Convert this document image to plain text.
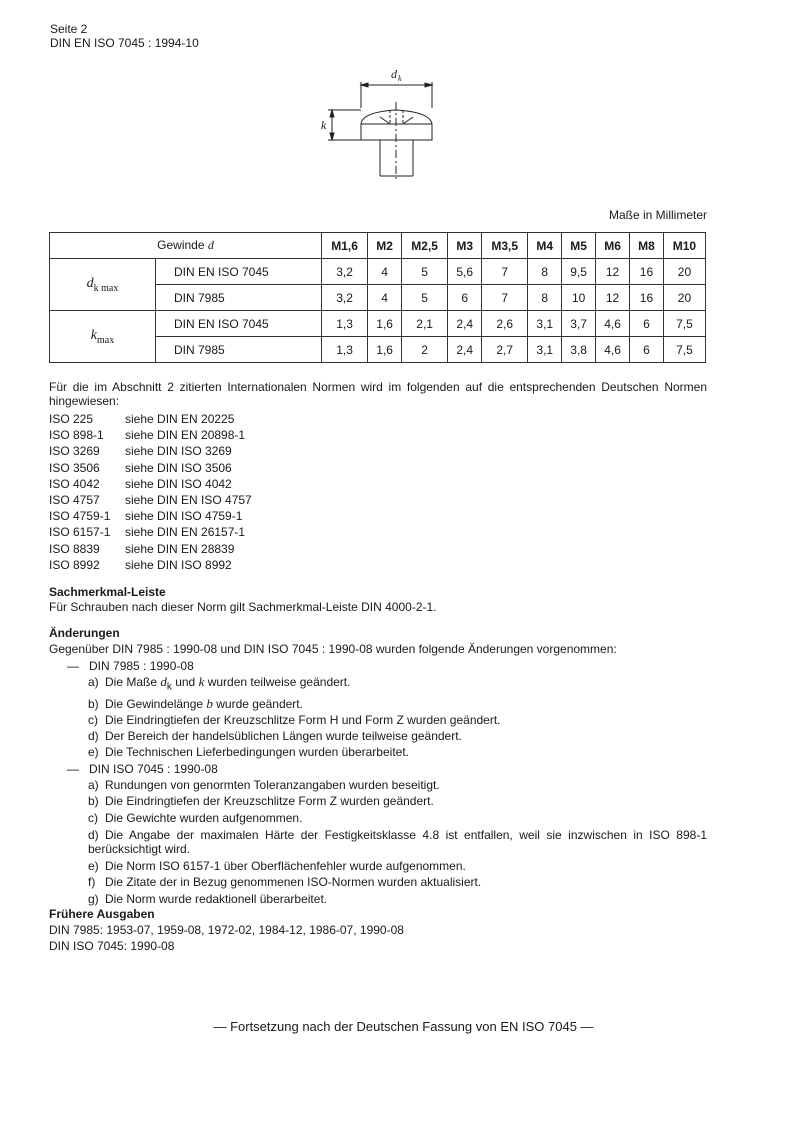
Seite 2
DIN EN ISO 7045 : 1994-10
d k
k
Maße in Millimeter
Gewinde d		M1,6	M2	M2,5	M3	M3,5	M4	M5	M6	M8	M10
$d_{k max}$	DIN EN ISO 7045	3,2	4	5	5,6	7	8	9,5	12	16	20
	DIN 7985	3,2	4	5	6	7	8	10	12	16	20
$k_{max}$	DIN EN ISO 7045	1,3	1,6	2,1	2,4	2,6	3,1	3,7	4,6	6	7,5
	DIN 7985	1,3	1,6	2	2,4	2,7	3,1	3,8	4,6	6	7,5
Für die im Abschnitt 2 zitierten Internationalen Normen wird im folgenden auf die entsprechenden Deutschen Normen hingewiesen:
ISO 225	siehe DIN EN 20225
ISO 898-1 siehe DIN EN 20898-1
ISO 3269 siehe DIN ISO 3269
ISO 3506 siehe DIN ISO 3506
ISO 4042 siehe DIN ISO 4042
ISO 4757 siehe DIN EN ISO 4757
ISO 4759-1 siehe DIN ISO 4759-1
ISO 6157-1 siehe DIN EN 26157-1
ISO 8839 siehe DIN EN 28839
ISO 8992 siehe DIN ISO 8992
Sachmerkmal-Leiste
Für Schrauben nach dieser Norm gilt Sachmerkmal-Leiste DIN 4000-2-1.
Änderungen
Gegenüber DIN 7985 : 1990-08 und DIN ISO 7045 : 1990-08 wurden folgende Änderungen vorgenommen:
—   DIN 7985 : 1990-08
a) Die Maße $d_k$ und k wurden teilweise geändert.
b) Die Gewindelänge b wurde geändert.
c) Die Eindringtiefen der Kreuzschlitze Form H und Form Z wurden geändert.
d) Der Bereich der handelsüblichen Längen wurde teilweise geändert.
e) Die Technischen Lieferbedingungen wurden überarbeitet.
—   DIN ISO 7045 : 1990-08
a) Rundungen von genormten Toleranzangaben wurden beseitigt.
b) Die Eindringtiefen der Kreuzschlitze Form Z wurden geändert.
c) Die Gewichte wurden aufgenommen.
d) Die Angabe der maximalen Härte der Festigkeitsklasse 4.8 ist entfallen, weil sie inzwischen in ISO 898-1 berücksichtigt wird.
e) Die Norm ISO 6157-1 über Oberflächenfehler wurde aufgenommen.
f) Die Zitate der in Bezug genommenen ISO-Normen wurden aktualisiert.
g) Die Norm wurde redaktionell überarbeitet.
Frühere Ausgaben
DIN 7985: 1953-07, 1959-08, 1972-02, 1984-12, 1986-07, 1990-08
DIN ISO 7045: 1990-08
— Fortsetzung nach der Deutschen Fassung von EN ISO 7045 —
